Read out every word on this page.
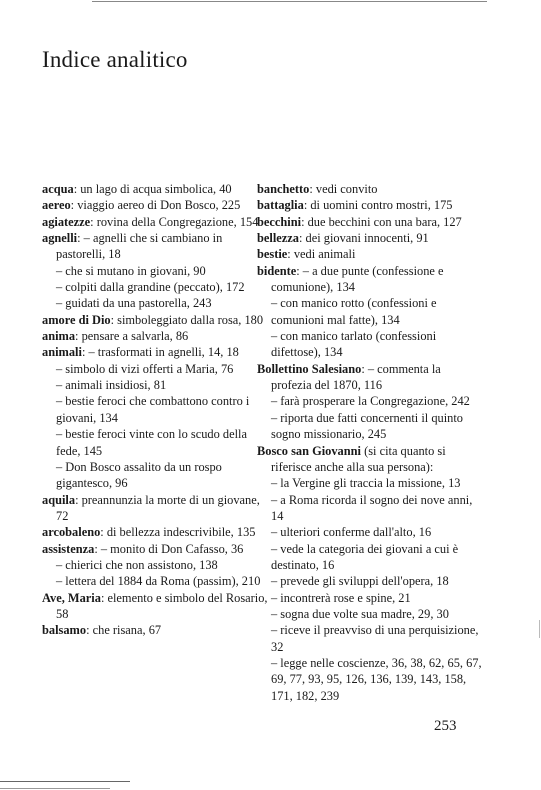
Indice analitico

acqua: un lago di acqua simbolica, 40

aereo: viaggio aereo di Don Bosco, 225

agiatezze: rovina della Congregazione, 154

agnelli: – agnelli che si cambiano in pastorelli, 18

– che si mutano in giovani, 90

– colpiti dalla grandine (peccato), 172

– guidati da una pastorella, 243

amore di Dio: simboleggiato dalla rosa, 180

anima: pensare a salvarla, 86

animali: – trasformati in agnelli, 14, 18

– simbolo di vizi offerti a Maria, 76

– animali insidiosi, 81

– bestie feroci che combattono contro i giovani, 134

– bestie feroci vinte con lo scudo della fede, 145

– Don Bosco assalito da un rospo gigantesco, 96

aquila: preannunzia la morte di un giovane, 72

arcobaleno: di bellezza indescrivibile, 135

assistenza: – monito di Don Cafasso, 36

– chierici che non assistono, 138

– lettera del 1884 da Roma (passim), 210

Ave, Maria: elemento e simbolo del Rosario, 58

balsamo: che risana, 67

banchetto: vedi convito

battaglia: di uomini contro mostri, 175

becchini: due becchini con una bara, 127

bellezza: dei giovani innocenti, 91

bestie: vedi animali

bidente: – a due punte (confessione e comunione), 134

– con manico rotto (confessioni e comunioni mal fatte), 134

– con manico tarlato (confessioni difettose), 134

Bollettino Salesiano: – commenta la profezia del 1870, 116

– farà prosperare la Congregazione, 242

– riporta due fatti concernenti il quinto sogno missionario, 245

Bosco san Giovanni (si cita quanto si riferisce anche alla sua persona):

– la Vergine gli traccia la missione, 13

– a Roma ricorda il sogno dei nove anni, 14

– ulteriori conferme dall'alto, 16

– vede la categoria dei giovani a cui è destinato, 16

– prevede gli sviluppi dell'opera, 18

– incontrerà rose e spine, 21

– sogna due volte sua madre, 29, 30

– riceve il preavviso di una perquisizione, 32

– legge nelle coscienze, 36, 38, 62, 65, 67, 69, 77, 93, 95, 126, 136, 139, 143, 158, 171, 182, 239

253
